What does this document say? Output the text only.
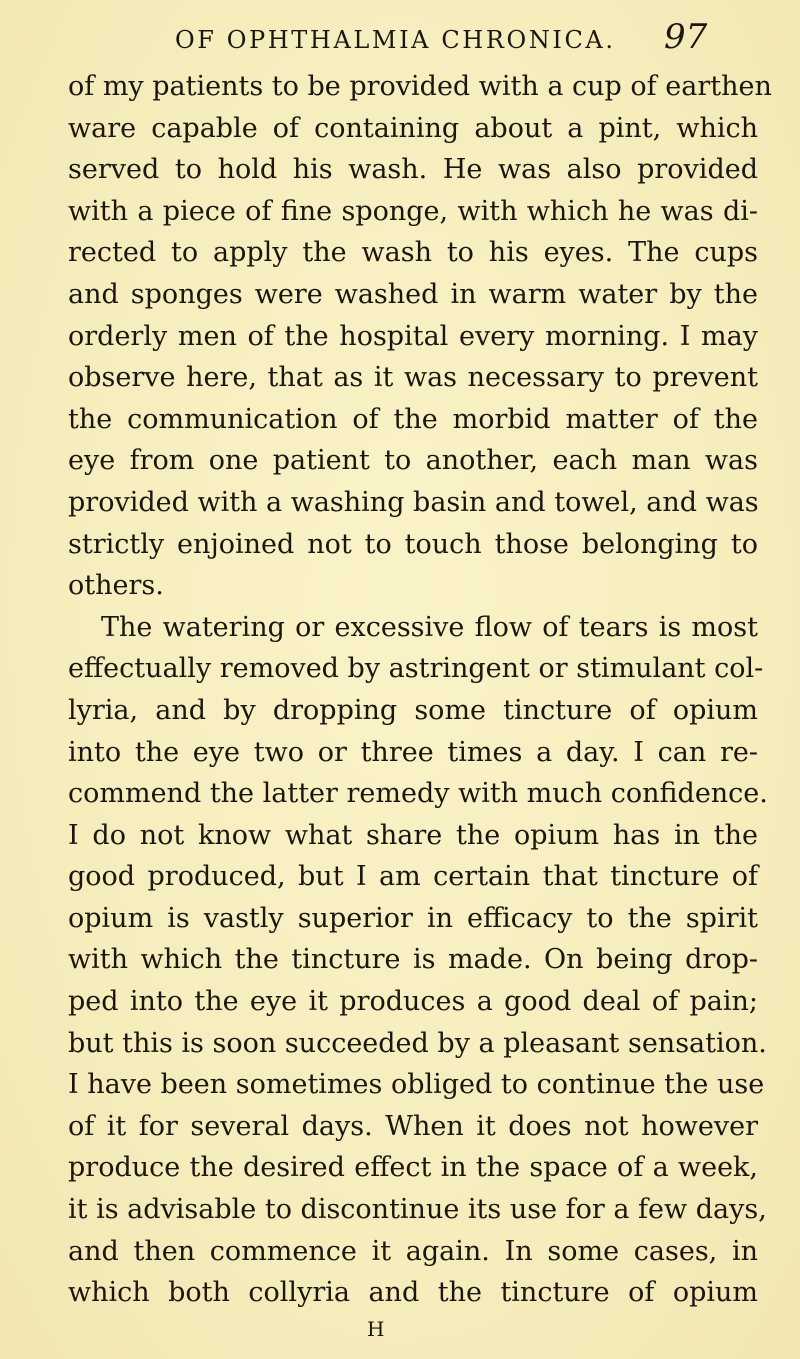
OF OPHTHALMIA CHRONICA. 97
of my patients to be provided with a cup of earthen
ware capable of containing about a pint, which
served to hold his wash. He was also provided
with a piece of fine sponge, with which he was di-
rected to apply the wash to his eyes. The cups
and sponges were washed in warm water by the
orderly men of the hospital every morning. I may
observe here, that as it was necessary to prevent
the communication of the morbid matter of the
eye from one patient to another, each man was
provided with a washing basin and towel, and was
strictly enjoined not to touch those belonging to
others.
The watering or excessive flow of tears is most
effectually removed by astringent or stimulant col-
lyria, and by dropping some tincture of opium
into the eye two or three times a day. I can re-
commend the latter remedy with much confidence.
I do not know what share the opium has in the
good produced, but I am certain that tincture of
opium is vastly superior in efficacy to the spirit
with which the tincture is made. On being drop-
ped into the eye it produces a good deal of pain;
but this is soon succeeded by a pleasant sensation.
I have been sometimes obliged to continue the use
of it for several days. When it does not however
produce the desired effect in the space of a week,
it is advisable to discontinue its use for a few days,
and then commence it again. In some cases, in
which both collyria and the tincture of opium
H
